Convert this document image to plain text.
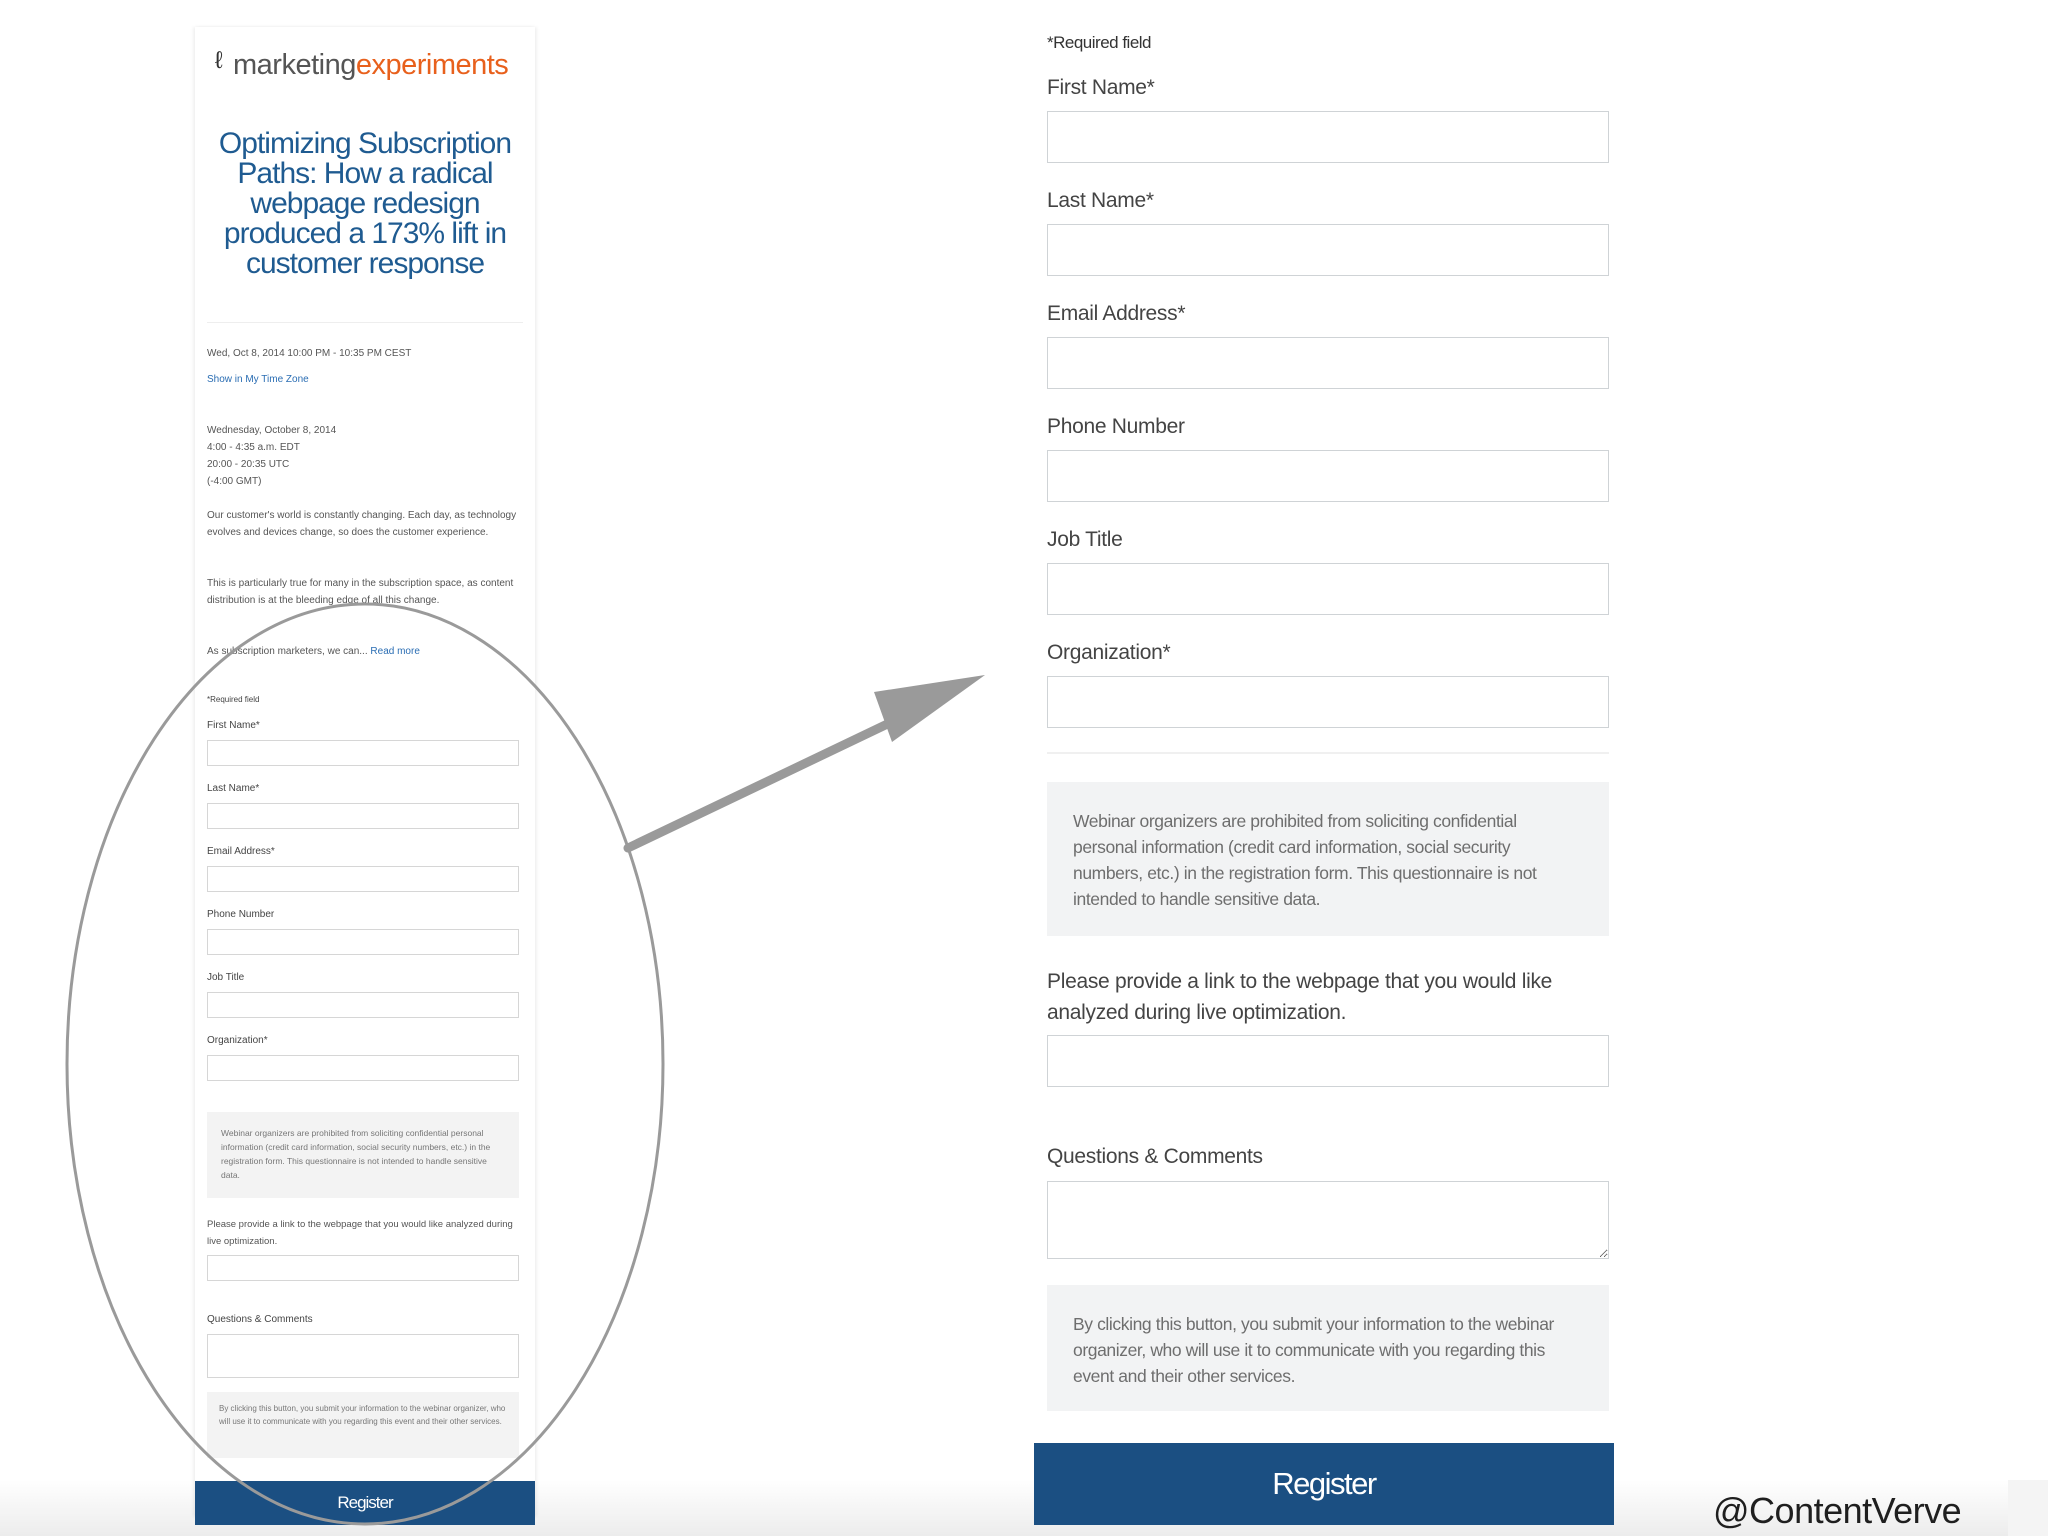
ℓ marketingexperiments
Optimizing Subscription Paths: How a radical webpage redesign produced a 173% lift in customer response
Wed, Oct 8, 2014 10:00 PM - 10:35 PM CEST
Show in My Time Zone
Wednesday, October 8, 2014
4:00 - 4:35 a.m. EDT
20:00 - 20:35 UTC
(-4:00 GMT)
Our customer's world is constantly changing. Each day, as technology evolves and devices change, so does the customer experience.
This is particularly true for many in the subscription space, as content distribution is at the bleeding edge of all this change.
As subscription marketers, we can... Read more
*Required field
First Name*
Last Name*
Email Address*
Phone Number
Job Title
Organization*
Webinar organizers are prohibited from soliciting confidential personal information (credit card information, social security numbers, etc.) in the registration form. This questionnaire is not intended to handle sensitive data.
Please provide a link to the webpage that you would like analyzed during live optimization.
Questions & Comments
By clicking this button, you submit your information to the webinar organizer, who will use it to communicate with you regarding this event and their other services.
Register
*Required field
First Name*
Last Name*
Email Address*
Phone Number
Job Title
Organization*
Webinar organizers are prohibited from soliciting confidential personal information (credit card information, social security numbers, etc.) in the registration form. This questionnaire is not intended to handle sensitive data.
Please provide a link to the webpage that you would like analyzed during live optimization.
Questions & Comments
By clicking this button, you submit your information to the webinar organizer, who will use it to communicate with you regarding this event and their other services.
Register
@ContentVerve
